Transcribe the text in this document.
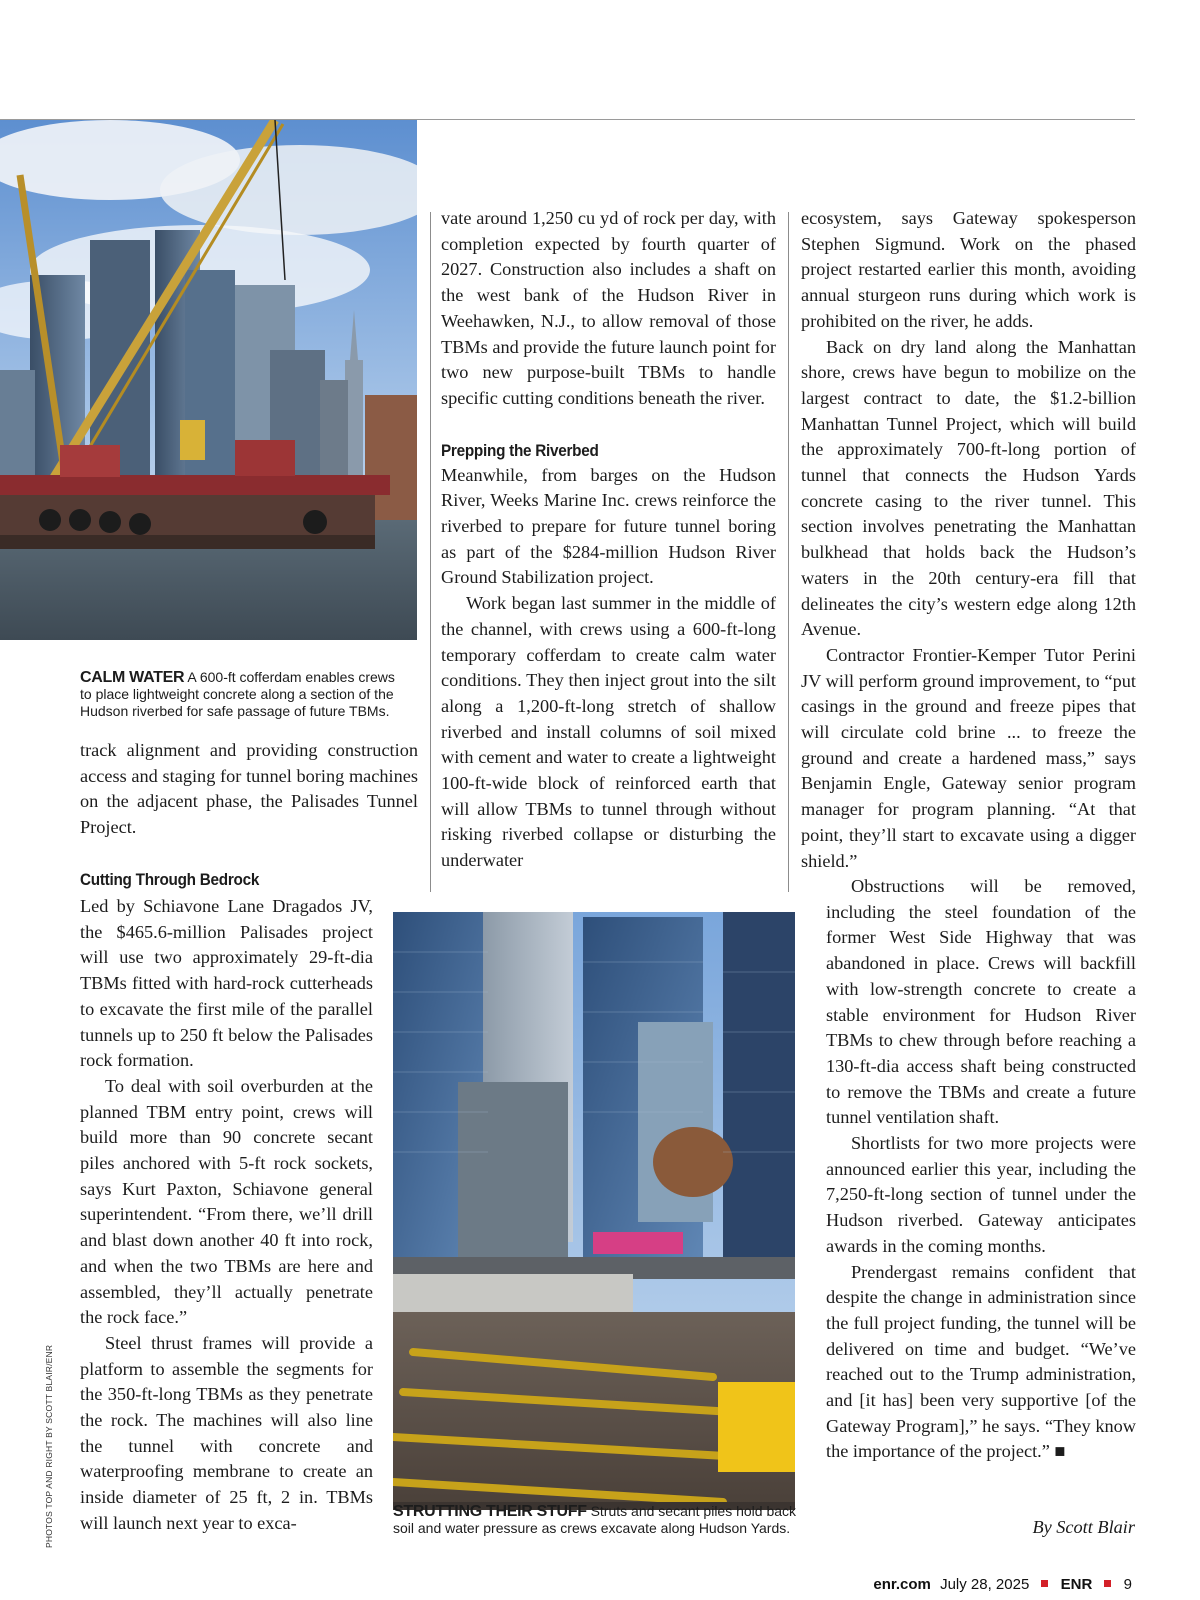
CALM WATER A 600-ft cofferdam enables crews to place lightweight concrete along a section of the Hudson riverbed for safe passage of future TBMs.

track alignment and providing construction access and staging for tunnel boring machines on the adjacent phase, the Palisades Tunnel Project.

Cutting Through Bedrock

Led by Schiavone Lane Dragados JV, the $465.6-million Palisades project will use two approximately 29-ft-dia TBMs fitted with hard-rock cutterheads to excavate the first mile of the parallel tunnels up to 250 ft below the Palisades rock formation.

To deal with soil overburden at the planned TBM entry point, crews will build more than 90 concrete secant piles anchored with 5-ft rock sockets, says Kurt Paxton, Schiavone general superintendent. “From there, we’ll drill and blast down another 40 ft into rock, and when the two TBMs are here and assembled, they’ll actually penetrate the rock face.”

Steel thrust frames will provide a platform to assemble the segments for the 350-ft-long TBMs as they penetrate the rock. The machines will also line the tunnel with concrete and waterproofing membrane to create an inside diameter of 25 ft, 2 in. TBMs will launch next year to exca-

PHOTOS TOP AND RIGHT BY SCOTT BLAIR/ENR

vate around 1,250 cu yd of rock per day, with completion expected by fourth quarter of 2027. Construction also includes a shaft on the west bank of the Hudson River in Weehawken, N.J., to allow removal of those TBMs and provide the future launch point for two new purpose-built TBMs to handle specific cutting conditions beneath the river.

Prepping the Riverbed

Meanwhile, from barges on the Hudson River, Weeks Marine Inc. crews reinforce the riverbed to prepare for future tunnel boring as part of the $284-million Hudson River Ground Stabilization project.

Work began last summer in the middle of the channel, with crews using a 600-ft-long temporary cofferdam to create calm water conditions. They then inject grout into the silt along a 1,200-ft-long stretch of shallow riverbed and install columns of soil mixed with cement and water to create a lightweight 100-ft-wide block of reinforced earth that will allow TBMs to tunnel through without risking riverbed collapse or disturbing the underwater

ecosystem, says Gateway spokesperson Stephen Sigmund. Work on the phased project restarted earlier this month, avoiding annual sturgeon runs during which work is prohibited on the river, he adds.

Back on dry land along the Manhattan shore, crews have begun to mobilize on the largest contract to date, the $1.2-billion Manhattan Tunnel Project, which will build the approximately 700-ft-long portion of tunnel that connects the Hudson Yards concrete casing to the river tunnel. This section involves penetrating the Manhattan bulkhead that holds back the Hudson’s waters in the 20th century-era fill that delineates the city’s western edge along 12th Avenue.

Contractor Frontier-Kemper Tutor Perini JV will perform ground improvement, to “put casings in the ground and freeze pipes that will circulate cold brine ... to freeze the ground and create a hardened mass,” says Benjamin Engle, Gateway senior program manager for program planning. “At that point, they’ll start to excavate using a digger shield.”

Obstructions will be removed, including the steel foundation of the former West Side Highway that was abandoned in place. Crews will backfill with low-strength concrete to create a stable environment for Hudson River TBMs to chew through before reaching a 130-ft-dia access shaft being constructed to remove the TBMs and create a future tunnel ventilation shaft.

Shortlists for two more projects were announced earlier this year, including the 7,250-ft-long section of tunnel under the Hudson riverbed. Gateway anticipates awards in the coming months.

Prendergast remains confident that despite the change in administration since the full project funding, the tunnel will be delivered on time and budget. “We’ve reached out to the Trump administration, and [it has] been very supportive [of the Gateway Program],” he says. “They know the importance of the project.” ■

By Scott Blair
STRUTTING THEIR STUFF Struts and secant piles hold back soil and water pressure as crews excavate along Hudson Yards.
enr.com July 28, 2025 ENR 9
